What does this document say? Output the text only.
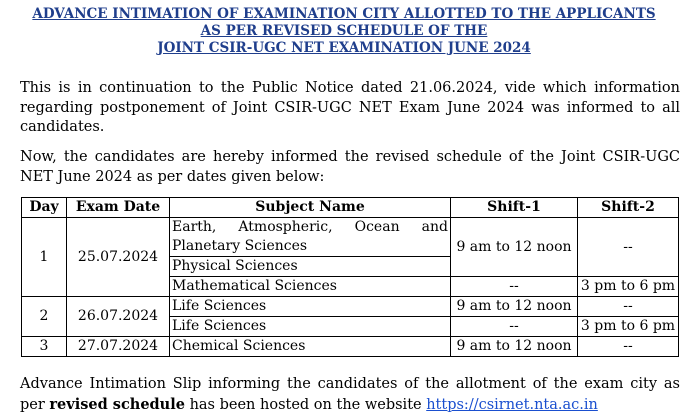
ADVANCE INTIMATION OF EXAMINATION CITY ALLOTTED TO THE APPLICANTS
AS PER REVISED SCHEDULE OF THE
JOINT CSIR-UGC NET EXAMINATION JUNE 2024
This is in continuation to the Public Notice dated 21.06.2024, vide which information regarding postponement of Joint CSIR-UGC NET Exam June 2024 was informed to all candidates.
Now, the candidates are hereby informed the revised schedule of the Joint CSIR-UGC NET June 2024 as per dates given below:
Day	Exam Date	Subject Name	Shift-1	Shift-2
1	25.07.2024	Earth, Atmospheric, Ocean and Planetary Sciences	9 am to 12 noon	--
		Physical Sciences		
		Mathematical Sciences	--	3 pm to 6 pm
2	26.07.2024	Life Sciences	9 am to 12 noon	--
		Life Sciences	--	3 pm to 6 pm
3	27.07.2024	Chemical Sciences	9 am to 12 noon	--
Advance Intimation Slip informing the candidates of the allotment of the exam city as per revised schedule has been hosted on the website https://csirnet.nta.ac.in
